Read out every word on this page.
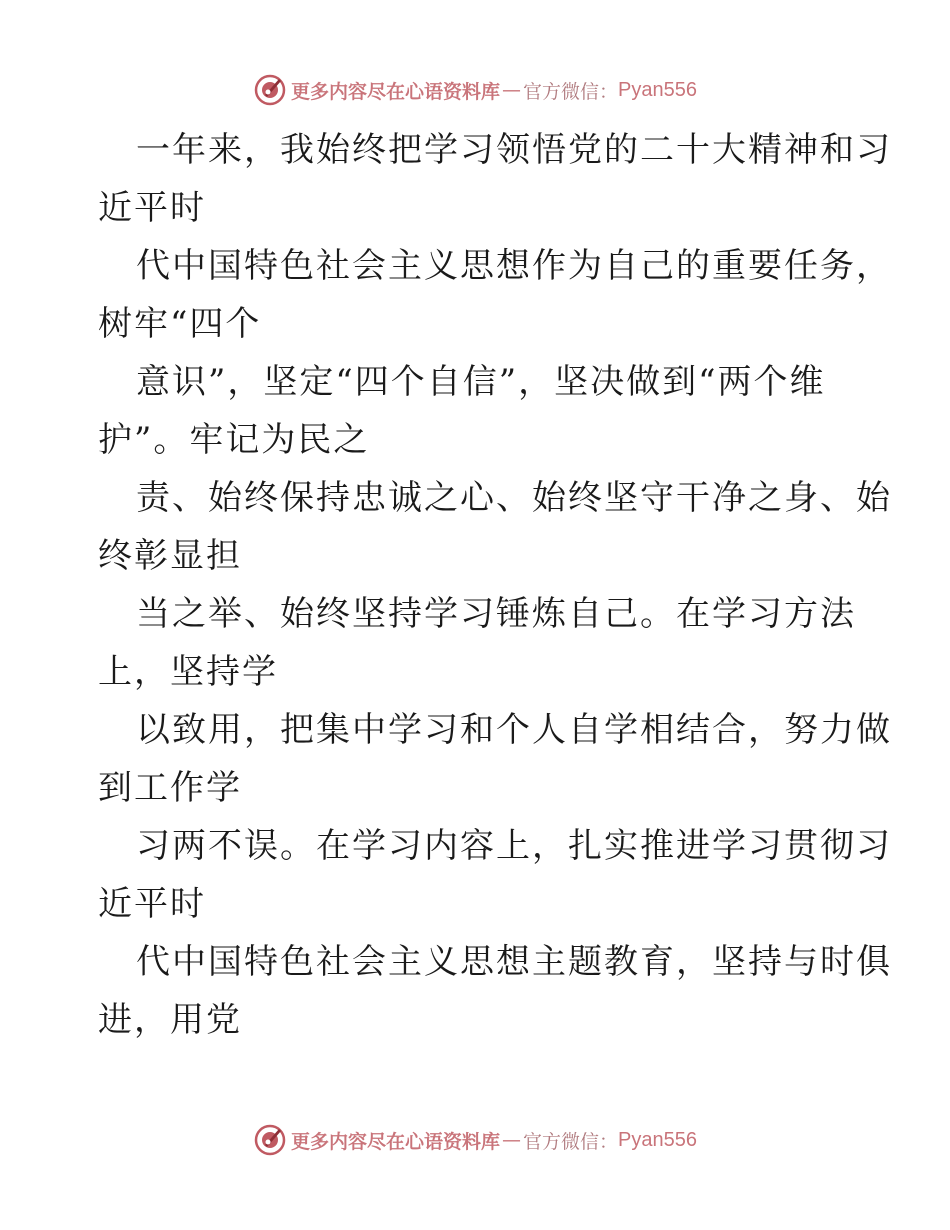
更多内容尽在心语资料库 — 官方微信： Pyan556
一年来，我始终把学习领悟党的二十大精神和习
近平时
代中国特色社会主义思想作为自己的重要任务，
树牢“四个
意识”，坚定“四个自信”，坚决做到“两个维
护”。牢记为民之
责、始终保持忠诚之心、始终坚守干净之身、始
终彰显担
当之举、始终坚持学习锤炼自己。在学习方法
上，坚持学
以致用，把集中学习和个人自学相结合，努力做
到工作学
习两不误。在学习内容上，扎实推进学习贯彻习
近平时
代中国特色社会主义思想主题教育，坚持与时俱
进，用党
更多内容尽在心语资料库 — 官方微信： Pyan556
